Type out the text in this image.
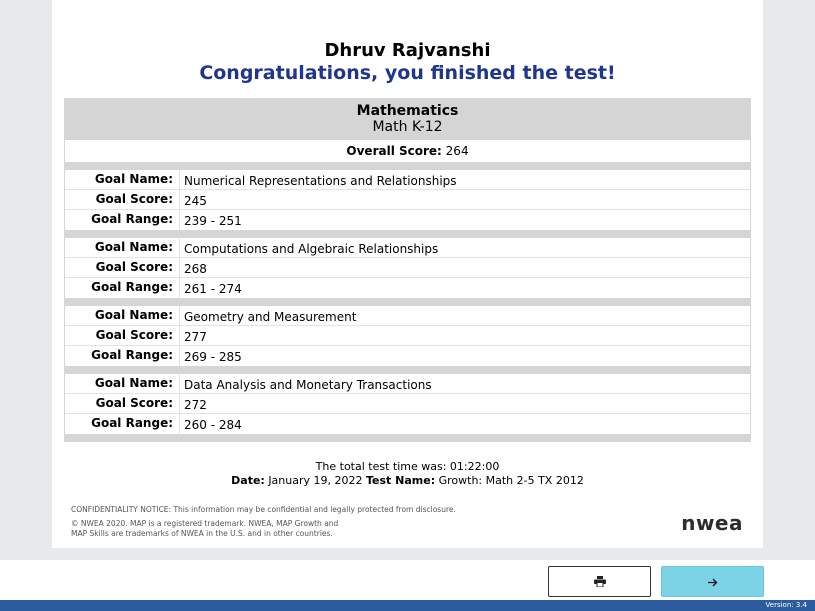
Dhruv Rajvanshi
Congratulations, you finished the test!
Mathematics
Math K-12
Overall Score: 264
Goal Name: Numerical Representations and Relationships
Goal Score: 245
Goal Range: 239 - 251
Goal Name: Computations and Algebraic Relationships
Goal Score: 268
Goal Range: 261 - 274
Goal Name: Geometry and Measurement
Goal Score: 277
Goal Range: 269 - 285
Goal Name: Data Analysis and Monetary Transactions
Goal Score: 272
Goal Range: 260 - 284
The total test time was: 01:22:00
Date: January 19, 2022 Test Name: Growth: Math 2-5 TX 2012
CONFIDENTIALITY NOTICE: This information may be confidential and legally protected from disclosure.
© NWEA 2020. MAP is a registered trademark. NWEA, MAP Growth and
MAP Skills are trademarks of NWEA in the U.S. and in other countries.	nwea
Version: 3.4
